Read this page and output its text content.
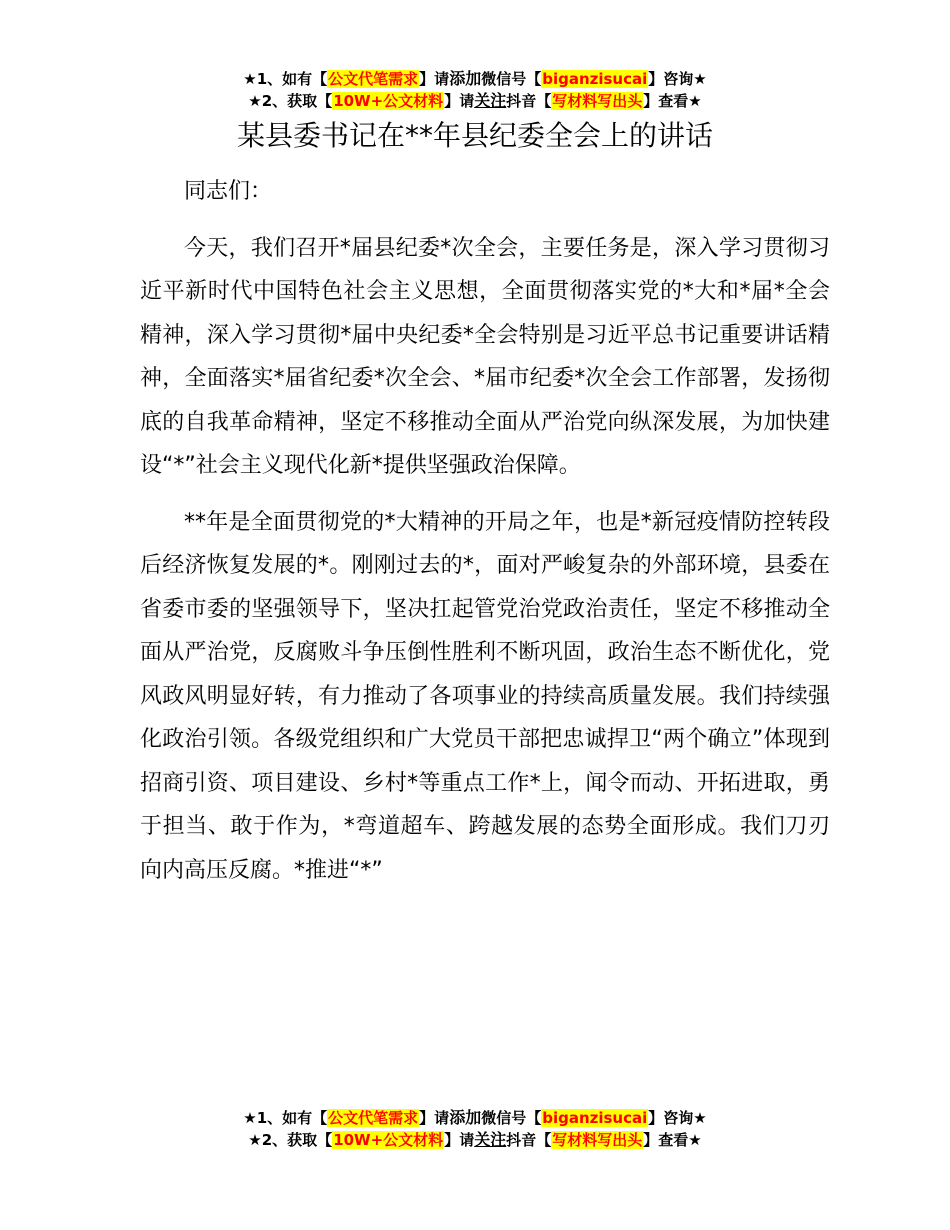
★1、如有【公文代笔需求】请添加微信号【biganzisucai】咨询★
★2、获取【10W+公文材料】请关注抖音【写材料写出头】查看★
某县委书记在**年县纪委全会上的讲话

同志们：

今天，我们召开*届县纪委*次全会，主要任务是，深入学习贯彻习近平新时代中国特色社会主义思想，全面贯彻落实党的*大和*届*全会精神，深入学习贯彻*届中央纪委*全会特别是习近平总书记重要讲话精神，全面落实*届省纪委*次全会、*届市纪委*次全会工作部署，发扬彻底的自我革命精神，坚定不移推动全面从严治党向纵深发展，为加快建设“*”社会主义现代化新*提供坚强政治保障。

**年是全面贯彻党的*大精神的开局之年，也是*新冠疫情防控转段后经济恢复发展的*。刚刚过去的*，面对严峻复杂的外部环境，县委在省委市委的坚强领导下，坚决扛起管党治党政治责任，坚定不移推动全面从严治党，反腐败斗争压倒性胜利不断巩固，政治生态不断优化，党风政风明显好转，有力推动了各项事业的持续高质量发展。我们持续强化政治引领。各级党组织和广大党员干部把忠诚捍卫“两个确立”体现到招商引资、项目建设、乡村*等重点工作*上，闻令而动、开拓进取，勇于担当、敢于作为，*弯道超车、跨越发展的态势全面形成。我们刀刃向内高压反腐。*推进“*”

★1、如有【公文代笔需求】请添加微信号【biganzisucai】咨询★
★2、获取【10W+公文材料】请关注抖音【写材料写出头】查看★
